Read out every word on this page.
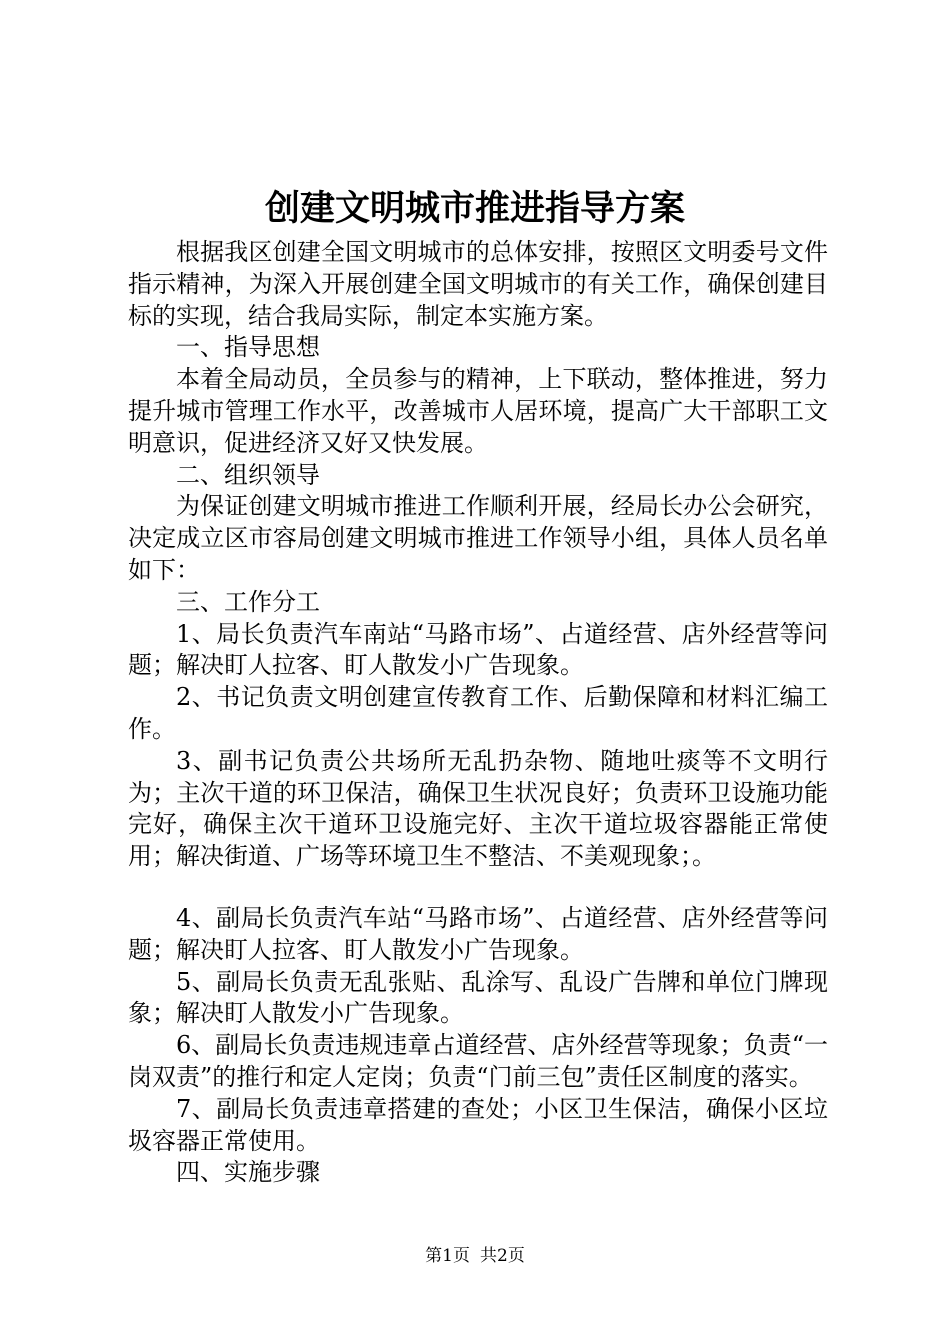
创建文明城市推进指导方案

根据我区创建全国文明城市的总体安排，按照区文明委号文件指示精神，为深入开展创建全国文明城市的有关工作，确保创建目标的实现，结合我局实际，制定本实施方案。

一、指导思想

本着全局动员，全员参与的精神，上下联动，整体推进，努力提升城市管理工作水平，改善城市人居环境，提高广大干部职工文明意识，促进经济又好又快发展。

二、组织领导

为保证创建文明城市推进工作顺利开展，经局长办公会研究，决定成立区市容局创建文明城市推进工作领导小组，具体人员名单如下：

三、工作分工

1、局长负责汽车南站“马路市场”、占道经营、店外经营等问题；解决盯人拉客、盯人散发小广告现象。

2、书记负责文明创建宣传教育工作、后勤保障和材料汇编工作。

3、副书记负责公共场所无乱扔杂物、随地吐痰等不文明行为；主次干道的环卫保洁，确保卫生状况良好；负责环卫设施功能完好，确保主次干道环卫设施完好、主次干道垃圾容器能正常使用；解决街道、广场等环境卫生不整洁、不美观现象；。

4、副局长负责汽车站“马路市场”、占道经营、店外经营等问题；解决盯人拉客、盯人散发小广告现象。

5、副局长负责无乱张贴、乱涂写、乱设广告牌和单位门牌现象；解决盯人散发小广告现象。

6、副局长负责违规违章占道经营、店外经营等现象；负责“一岗双责”的推行和定人定岗；负责“门前三包”责任区制度的落实。

7、副局长负责违章搭建的查处；小区卫生保洁，确保小区垃圾容器正常使用。

四、实施步骤

第1页 共2页
